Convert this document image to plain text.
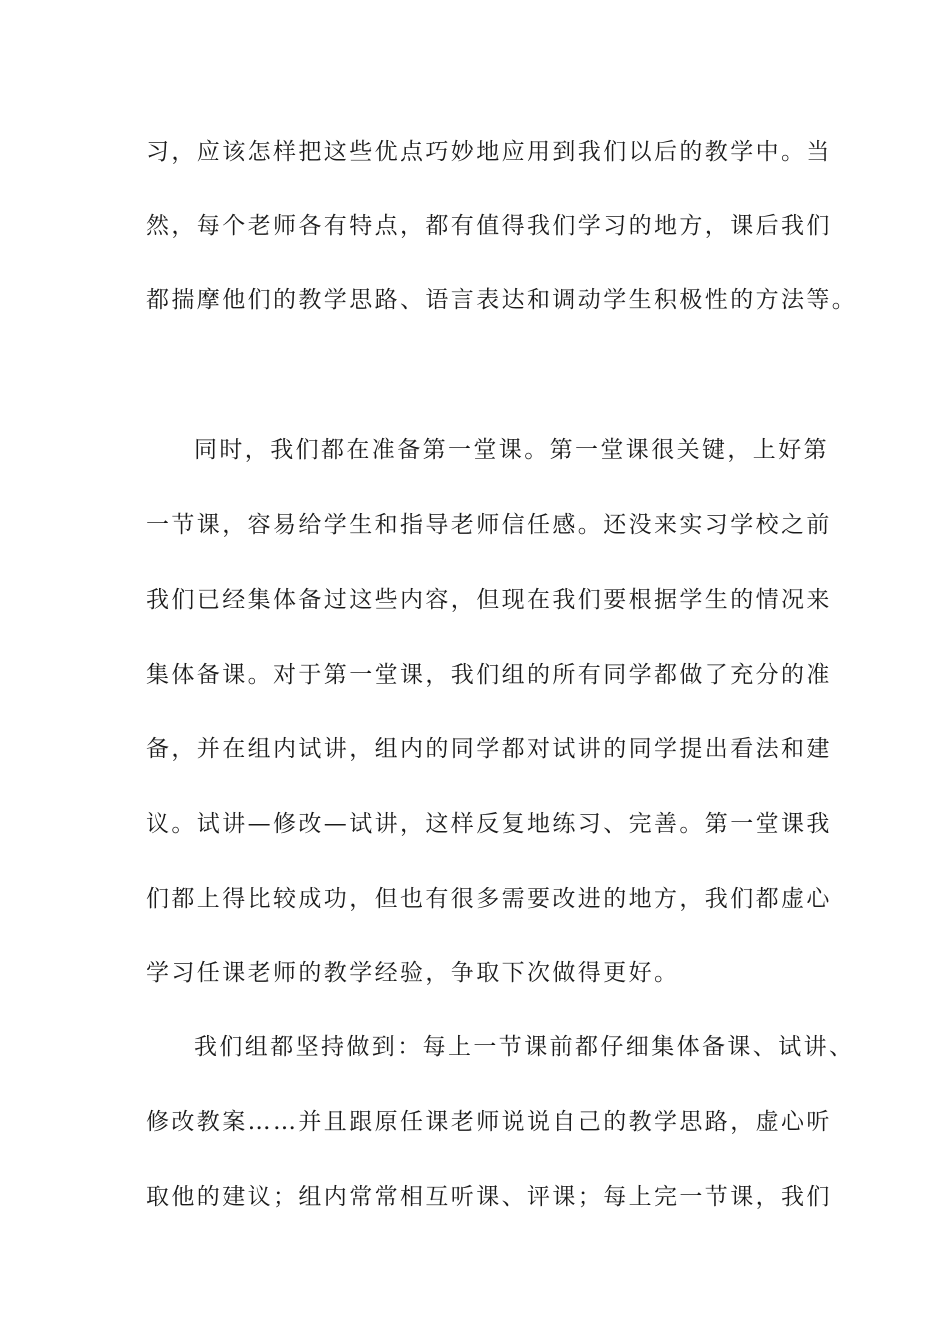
习，应该怎样把这些优点巧妙地应用到我们以后的教学中。当
然，每个老师各有特点，都有值得我们学习的地方，课后我们
都揣摩他们的教学思路、语言表达和调动学生积极性的方法等。
同时，我们都在准备第一堂课。第一堂课很关键，上好第
一节课，容易给学生和指导老师信任感。还没来实习学校之前
我们已经集体备过这些内容，但现在我们要根据学生的情况来
集体备课。对于第一堂课，我们组的所有同学都做了充分的准
备，并在组内试讲，组内的同学都对试讲的同学提出看法和建
议。试讲—修改—试讲，这样反复地练习、完善。第一堂课我
们都上得比较成功，但也有很多需要改进的地方，我们都虚心
学习任课老师的教学经验，争取下次做得更好。
我们组都坚持做到：每上一节课前都仔细集体备课、试讲、
修改教案……并且跟原任课老师说说自己的教学思路，虚心听
取他的建议；组内常常相互听课、评课；每上完一节课，我们
